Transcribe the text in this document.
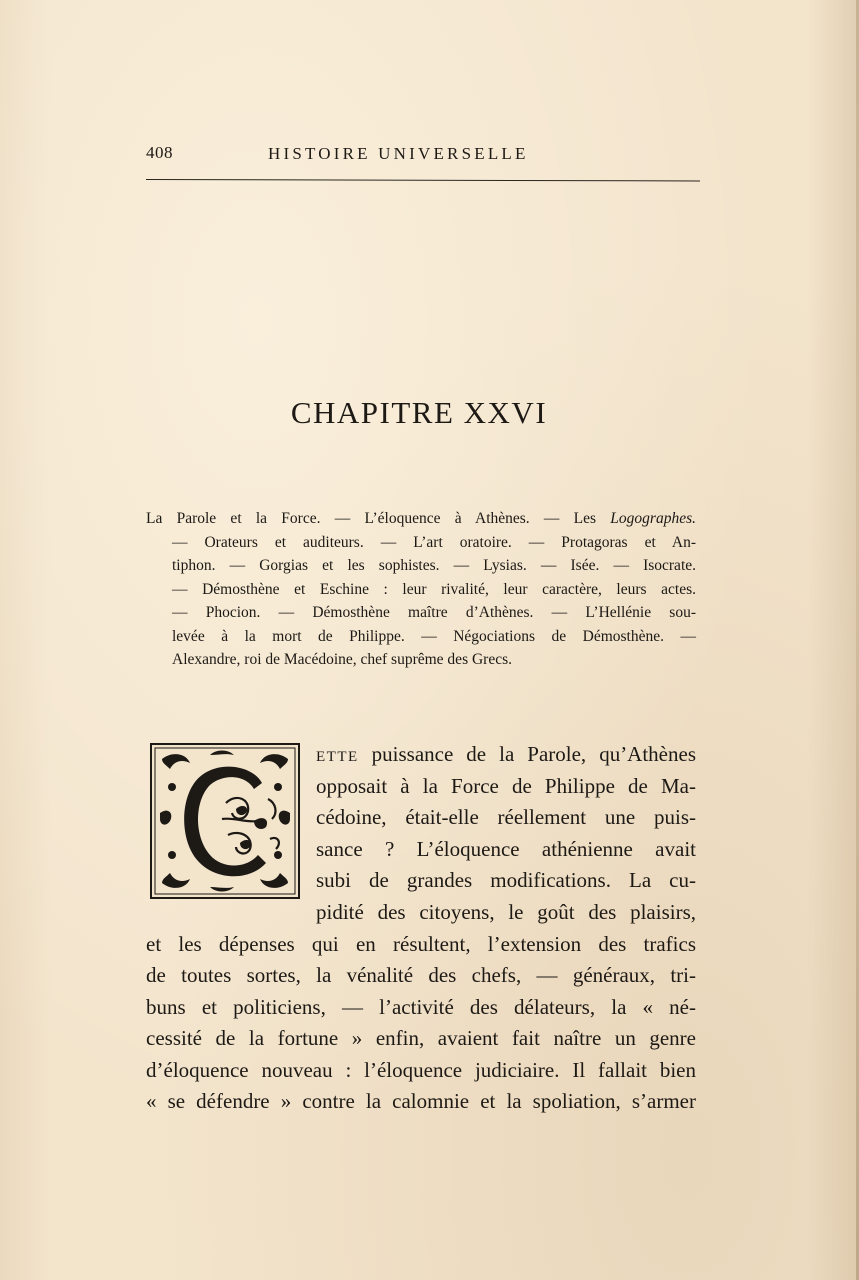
408	HISTOIRE UNIVERSELLE
CHAPITRE XXVI
La Parole et la Force. — L’éloquence à Athènes. — Les Logographes.
— Orateurs et auditeurs. — L’art oratoire. — Protagoras et An-
tiphon. — Gorgias et les sophistes. — Lysias. — Isée. — Isocrate.
— Démosthène et Eschine : leur rivalité, leur caractère, leurs actes.
— Phocion. — Démosthène maître d’Athènes. — L’Hellénie sou-
levée à la mort de Philippe. — Négociations de Démosthène. —
Alexandre, roi de Macédoine, chef suprême des Grecs.
ETTE puissance de la Parole, qu’Athènes
opposait à la Force de Philippe de Ma-
cédoine, était-elle réellement une puis-
sance ? L’éloquence athénienne avait
subi de grandes modifications. La cu-
pidité des citoyens, le goût des plaisirs,
et les dépenses qui en résultent, l’extension des trafics
de toutes sortes, la vénalité des chefs, — généraux, tri-
buns et politiciens, — l’activité des délateurs, la « né-
cessité de la fortune » enfin, avaient fait naître un genre
d’éloquence nouveau : l’éloquence judiciaire. Il fallait bien
« se défendre » contre la calomnie et la spoliation, s’armer
